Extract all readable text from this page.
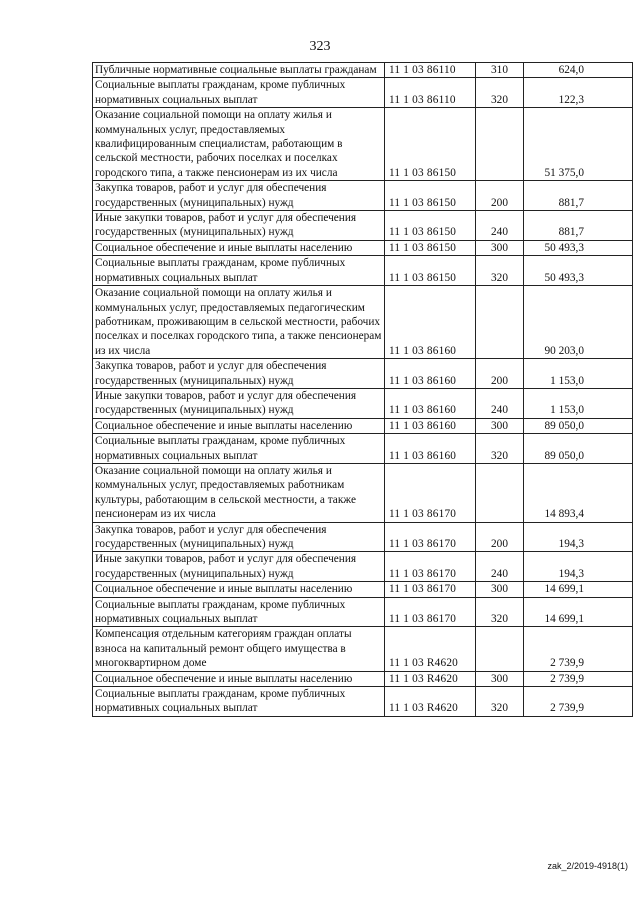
323
Публичные нормативные социальные выплаты гражданам	11 1 03 86110	310	624,0
Социальные выплаты гражданам, кроме публичных нормативных социальных выплат	11 1 03 86110	320	122,3
Оказание социальной помощи на оплату жилья и коммунальных услуг, предоставляемых квалифицированным специалистам, работающим в сельской местности, рабочих поселках и поселках городского типа, а также пенсионерам из их числа	11 1 03 86150		51 375,0
Закупка товаров, работ и услуг для обеспечения государственных (муниципальных) нужд	11 1 03 86150	200	881,7
Иные закупки товаров, работ и услуг для обеспечения государственных (муниципальных) нужд	11 1 03 86150	240	881,7
Социальное обеспечение и иные выплаты населению	11 1 03 86150	300	50 493,3
Социальные выплаты гражданам, кроме публичных нормативных социальных выплат	11 1 03 86150	320	50 493,3
Оказание социальной помощи на оплату жилья и коммунальных услуг, предоставляемых педагогическим работникам, проживающим в сельской местности, рабочих поселках и поселках городского типа, а также пенсионерам из их числа	11 1 03 86160		90 203,0
Закупка товаров, работ и услуг для обеспечения государственных (муниципальных) нужд	11 1 03 86160	200	1 153,0
Иные закупки товаров, работ и услуг для обеспечения государственных (муниципальных) нужд	11 1 03 86160	240	1 153,0
Социальное обеспечение и иные выплаты населению	11 1 03 86160	300	89 050,0
Социальные выплаты гражданам, кроме публичных нормативных социальных выплат	11 1 03 86160	320	89 050,0
Оказание социальной помощи на оплату жилья и коммунальных услуг, предоставляемых работникам культуры, работающим в сельской местности, а также пенсионерам из их числа	11 1 03 86170		14 893,4
Закупка товаров, работ и услуг для обеспечения государственных (муниципальных) нужд	11 1 03 86170	200	194,3
Иные закупки товаров, работ и услуг для обеспечения государственных (муниципальных) нужд	11 1 03 86170	240	194,3
Социальное обеспечение и иные выплаты населению	11 1 03 86170	300	14 699,1
Социальные выплаты гражданам, кроме публичных нормативных социальных выплат	11 1 03 86170	320	14 699,1
Компенсация отдельным категориям граждан оплаты взноса на капитальный ремонт общего имущества в многоквартирном доме	11 1 03 R4620		2 739,9
Социальное обеспечение и иные выплаты населению	11 1 03 R4620	300	2 739,9
Социальные выплаты гражданам, кроме публичных нормативных социальных выплат	11 1 03 R4620	320	2 739,9
zak_2/2019-4918(1)
